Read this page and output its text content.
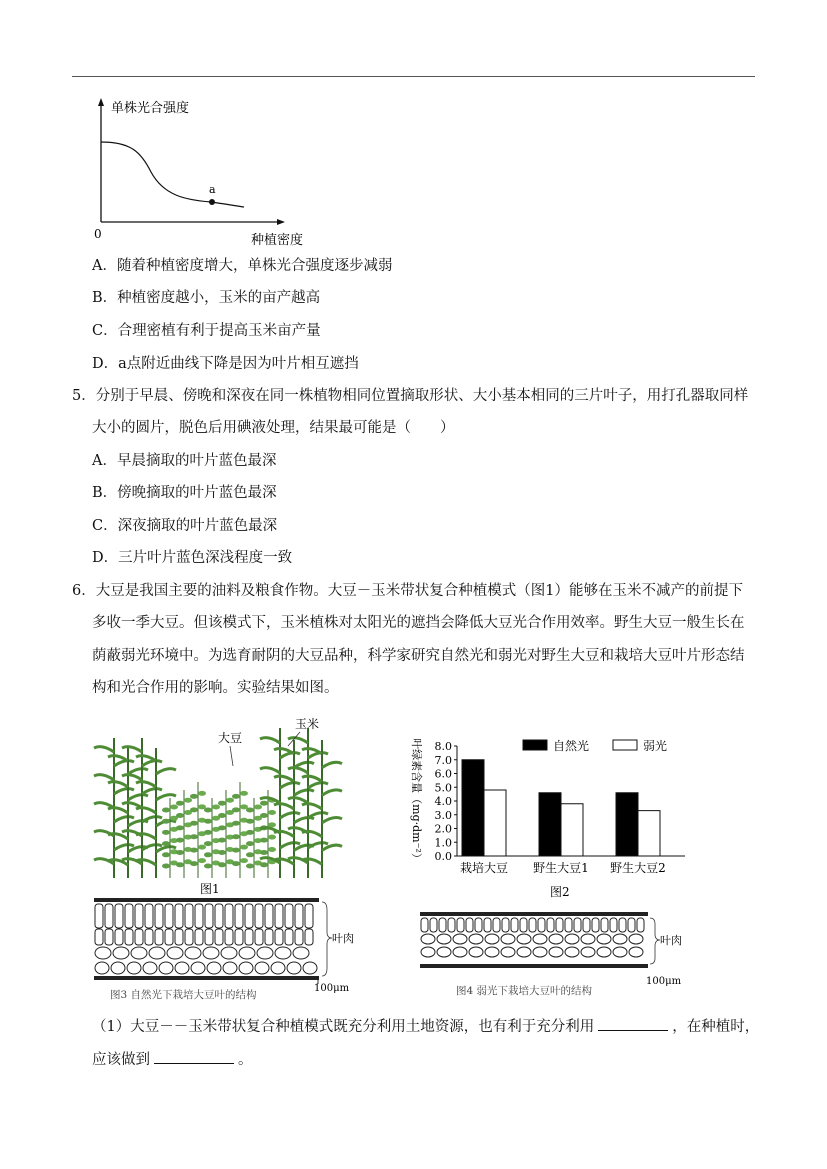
a
单株光合强度
0	种植密度
A．随着种植密度增大，单株光合强度逐步减弱
B．种植密度越小，玉米的亩产越高
C．合理密植有利于提高玉米亩产量
D．a点附近曲线下降是因为叶片相互遮挡
5．分别于早晨、傍晚和深夜在同一株植物相同位置摘取形状、大小基本相同的三片叶子，用打孔器取同样
大小的圆片，脱色后用碘液处理，结果最可能是（　　）
A．早晨摘取的叶片蓝色最深
B．傍晚摘取的叶片蓝色最深
C．深夜摘取的叶片蓝色最深
D．三片叶片蓝色深浅程度一致
6．大豆是我国主要的油料及粮食作物。大豆－玉米带状复合种植模式（图1）能够在玉米不减产的前提下
多收一季大豆。但该模式下，玉米植株对太阳光的遮挡会降低大豆光合作用效率。野生大豆一般生长在
荫蔽弱光环境中。为选育耐阴的大豆品种，科学家研究自然光和弱光对野生大豆和栽培大豆叶片形态结
构和光合作用的影响。实验结果如图。
玉米
大豆
图1
0.0
1.0
2.0
3.0
4.0
5.0
6.0
7.0
8.0
叶绿素含量（mg·dm⁻²）
栽培大豆 野生大豆1 野生大豆2
自然光	弱光
图2
叶肉
100μm
图3 自然光下栽培大豆叶的结构
叶肉
100μm
图4 弱光下栽培大豆叶的结构
（1）大豆－－玉米带状复合种植模式既充分利用土地资源，也有利于充分利用	，在种植时，
应该做到	。
